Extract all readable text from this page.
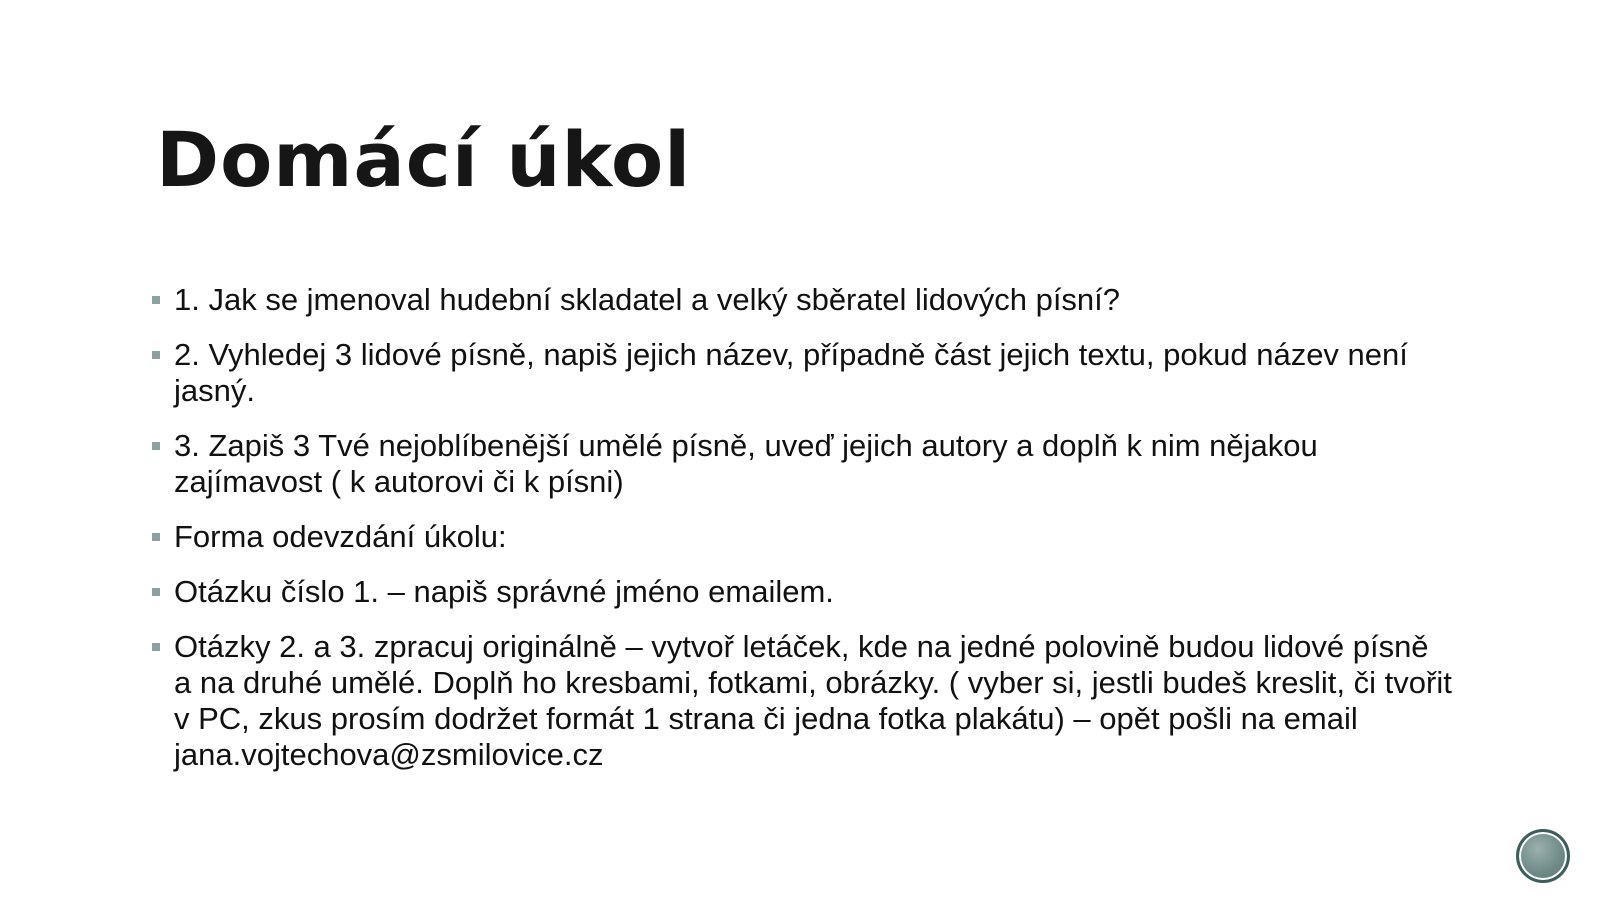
Domácí úkol
1. Jak se jmenoval hudební skladatel a velký sběratel lidových písní?
2. Vyhledej 3 lidové písně, napiš jejich název, případně část jejich textu, pokud název není jasný.
3. Zapiš 3 Tvé nejoblíbenější umělé písně, uveď jejich autory a doplň k nim nějakou zajímavost ( k autorovi či k písni)
Forma odevzdání úkolu:
Otázku číslo 1. – napiš správné jméno emailem.
Otázky 2. a 3. zpracuj originálně – vytvoř letáček, kde na jedné polovině budou lidové písně a na druhé umělé. Doplň ho kresbami, fotkami, obrázky. ( vyber si, jestli budeš kreslit, či tvořit v PC, zkus prosím dodržet formát 1 strana či jedna fotka plakátu) – opět pošli na email jana.vojtechova@zsmilovice.cz
